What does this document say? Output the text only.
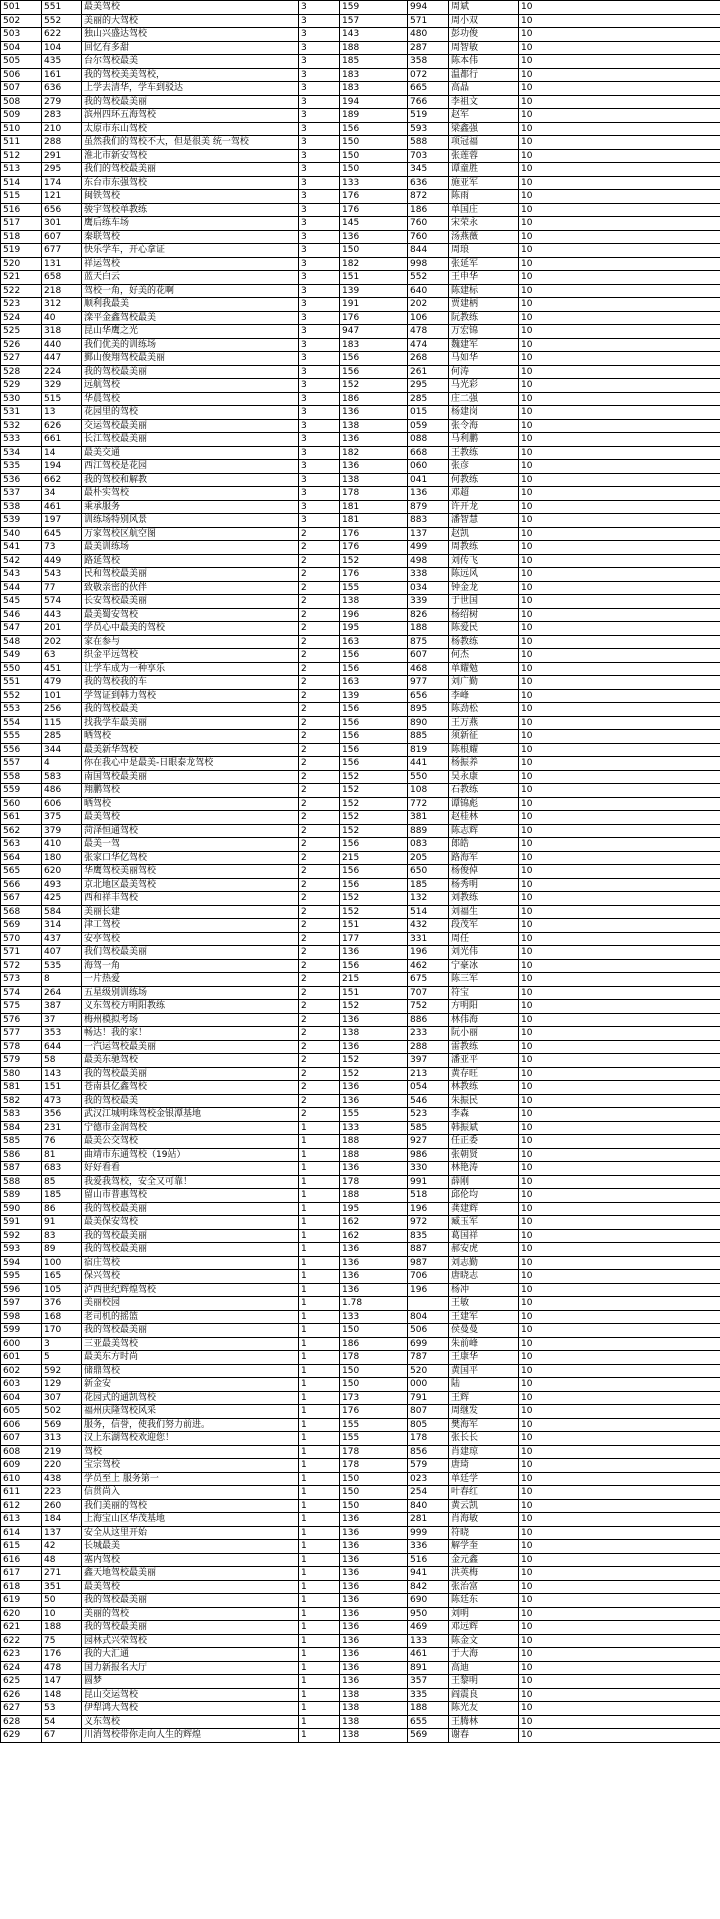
501	551	最美驾校	3	159	994	周斌	10
502	552	美丽的大驾校	3	157	571	周小双	10
503	622	独山兴盛达驾校	3	143	480	彭功俊	10
504	104	回忆有多甜	3	188	287	周智敏	10
505	435	台尔驾校最美	3	185	358	陈本伟	10
506	161	我的驾校美美驾校，	3	183	072	温都行	10
507	636	上学去清华，学车到驳达	3	183	665	高晶	10
508	279	我的驾校最美丽	3	194	766	李祖文	10
509	283	滨州四环五海驾校	3	189	519	赵军	10
510	210	太原市东山驾校	3	156	593	梁鑫强	10
511	288	虽然我们的驾校不大，但是很美 统一驾校	3	150	588	项冠福	10
512	291	淮北市新安驾校	3	150	703	张莲蓉	10
513	295	我们的驾校最美丽	3	150	345	谭童胜	10
514	174	东台市东强驾校	3	133	636	施亚军	10
515	121	闽铁驾校	3	176	872	陈雨	10
516	656	骏宇驾校单教练	3	176	186	单国庄	10
517	301	鹰后练车场	3	145	760	宋荣永	10
518	607	秦联驾校	3	136	760	汤燕薇	10
519	677	快乐学车，开心拿证	3	150	844	周琅	10
520	131	祥运驾校	3	182	998	张延军	10
521	658	蓝天白云	3	151	552	王申华	10
522	218	驾校一角，好美的花啊	3	139	640	陈建标	10
523	312	顺利我最美	3	191	202	贾建柄	10
524	40	滦平金鑫驾校最美	3	176	106	阮教练	10
525	318	昆山华鹰之光	3	947	478	万宏锦	10
526	440	我们优美的训练场	3	183	474	魏建军	10
527	447	鄞山俊翔驾校最美丽	3	156	268	马如华	10
528	224	我的驾校最美丽	3	156	261	何涛	10
529	329	远航驾校	3	152	295	马光彩	10
530	515	华晨驾校	3	186	285	庄二强	10
531	13	花园里的驾校	3	136	015	杨建岗	10
532	626	交运驾校最美丽	3	138	059	张令海	10
533	661	长江驾校最美丽	3	136	088	马利鹏	10
534	14	最美交通	3	182	668	王教练	10
535	194	西江驾校是花园	3	136	060	张彦	10
536	662	我的驾校和解教	3	138	041	何教练	10
537	34	最朴实驾校	3	178	136	邓超	10
538	461	乘承服务	3	181	879	许开龙	10
539	197	训练场特别风景	3	181	883	潘智慧	10
540	645	万家驾校区航空图	2	176	137	赵凯	10
541	73	最美训练场	2	176	499	周教练	10
542	449	路延驾校	2	152	498	刘传飞	10
543	543	民和驾校最美丽	2	176	338	陈远风	10
544	77	致敬亲密的伙伴	2	155	034	钟金龙	10
545	574	长安驾校最美丽	2	138	339	于世国	10
546	443	最美蜀安驾校	2	196	826	杨绍树	10
547	201	学员心中最美的驾校	2	195	188	陈爱民	10
548	202	家在参与	2	163	875	杨教练	10
549	63	织金平远驾校	2	156	607	何杰	10
550	451	让学车成为一种享乐	2	156	468	单耀勉	10
551	479	我的驾校我的车	2	163	977	刘广勤	10
552	101	学驾证到韩力驾校	2	139	656	李峰	10
553	256	我的驾校最美	2	156	895	陈劲松	10
554	115	找我学车最美丽	2	156	890	王万燕	10
555	285	晒驾校	2	156	885	须新征	10
556	344	最美新华驾校	2	156	819	陈根耀	10
557	4	你在我心中是最美-日眼泰龙驾校	2	156	441	杨振养	10
558	583	南国驾校最美丽	2	152	550	吴永康	10
559	486	翔鹏驾校	2	152	108	石教练	10
560	606	晒驾校	2	152	772	谭锦彪	10
561	375	最美驾校	2	152	381	赵桂林	10
562	379	菏泽恒通驾校	2	152	889	陈志辉	10
563	410	最美一驾	2	156	083	郎皓	10
564	180	张家口华亿驾校	2	215	205	路海军	10
565	620	华鹰驾校美丽驾校	2	156	650	杨俊倬	10
566	493	京北地区最美驾校	2	156	185	杨秀明	10
567	425	西和祥丰驾校	2	152	132	刘教练	10
568	584	美丽长建	2	152	514	刘福生	10
569	314	津工驾校	2	151	432	段茂军	10
570	437	安亭驾校	2	177	331	周任	10
571	407	我们驾校最美丽	2	136	196	刘光伟	10
572	535	海驾一角	2	156	462	宁豪冰	10
573	8	一片热爱	2	215	675	陈三军	10
574	264	五星级别训练场	2	151	707	符宝	10
575	387	义东驾校方明阳教练	2	152	752	方明阳	10
576	37	梅州模拟考场	2	136	886	林伟海	10
577	353	畅达！我的家！	2	138	233	阮小丽	10
578	644	一汽运驾校最美丽	2	136	288	雷教练	10
579	58	最美东驰驾校	2	152	397	潘亚平	10
580	143	我的驾校最美丽	2	152	213	黄存旺	10
581	151	苍南县亿鑫驾校	2	136	054	林教练	10
582	473	我的驾校最美	2	136	546	朱振民	10
583	356	武汉江城明珠驾校金银潭基地	2	155	523	李森	10
584	231	宁德市金润驾校	1	133	585	韩振斌	10
585	76	最美公交驾校	1	188	927	任正委	10
586	81	曲靖市东通驾校（19站）	1	188	986	张朝贤	10
587	683	好好看看	1	136	330	林艳涛	10
588	85	我爱我驾校，安全又可靠！	1	178	991	薛刚	10
589	185	留山市普惠驾校	1	188	518	邱伦均	10
590	86	我的驾校最美丽	1	195	196	龚建辉	10
591	91	最美保安驾校	1	162	972	臧玉军	10
592	83	我的驾校最美丽	1	162	835	葛国祥	10
593	89	我的驾校最美丽	1	136	887	郝安虎	10
594	100	宿庄驾校	1	136	987	刘志勤	10
595	165	保兴驾校	1	136	706	唐晓志	10
596	105	泸西世纪辉煌驾校	1	136	196	杨冲	10
597	376	美丽校园	1	1.78		王敏	10
598	168	老司机的摇篮	1	133	804	王建军	10
599	170	我的驾校最美丽	1	150	506	侯曼曼	10
600	3	三亚最美驾校	1	186	699	朱前峰	10
601	5	最美东方时尚	1	178	787	王康华	10
602	592	储鼎驾校	1	150	520	黄国平	10
603	129	新金安	1	150	000	陆	10
604	307	花园式的通凯驾校	1	173	791	王辉	10
605	502	福州庆隆驾校风采	1	176	807	周继发	10
606	569	服务，信誉，使我们努力前进。	1	155	805	樊海军	10
607	313	汉上东湖驾校欢迎您！	1	155	178	张长长	10
608	219	驾校	1	178	856	肖建琼	10
609	220	宝宗驾校	1	178	579	唐琦	10
610	438	学员至上 服务第一	1	150	023	单廷学	10
611	223	信贯尚入	1	150	254	叶春红	10
612	260	我们美丽的驾校	1	150	840	黄云凯	10
613	184	上海宝山区华茂基地	1	136	281	肖海敏	10
614	137	安全从这里开始	1	136	999	符晓	10
615	42	长城最美	1	136	336	解学奎	10
616	48	塞内驾校	1	136	516	金元鑫	10
617	271	鑫天地驾校最美丽	1	136	941	洪英梅	10
618	351	最美驾校	1	136	842	张治富	10
619	50	我的驾校最美丽	1	136	690	陈廷东	10
620	10	美丽的驾校	1	136	950	刘明	10
621	188	我的驾校最美丽	1	136	469	邓远辉	10
622	75	园林式兴荣驾校	1	136	133	陈金文	10
623	176	我的大汇通	1	136	461	于大海	10
624	478	国力新报名大厅	1	136	891	高迪	10
625	147	圆梦	1	136	357	王黎明	10
626	148	昆山交运驾校	1	138	335	阎震良	10
627	53	伊犁鸿大驾校	1	138	188	陈光友	10
628	54	义东驾校	1	138	655	王腾林	10
629	67	川消驾校带你走向人生的辉煌	1	138	569	谢春	10
